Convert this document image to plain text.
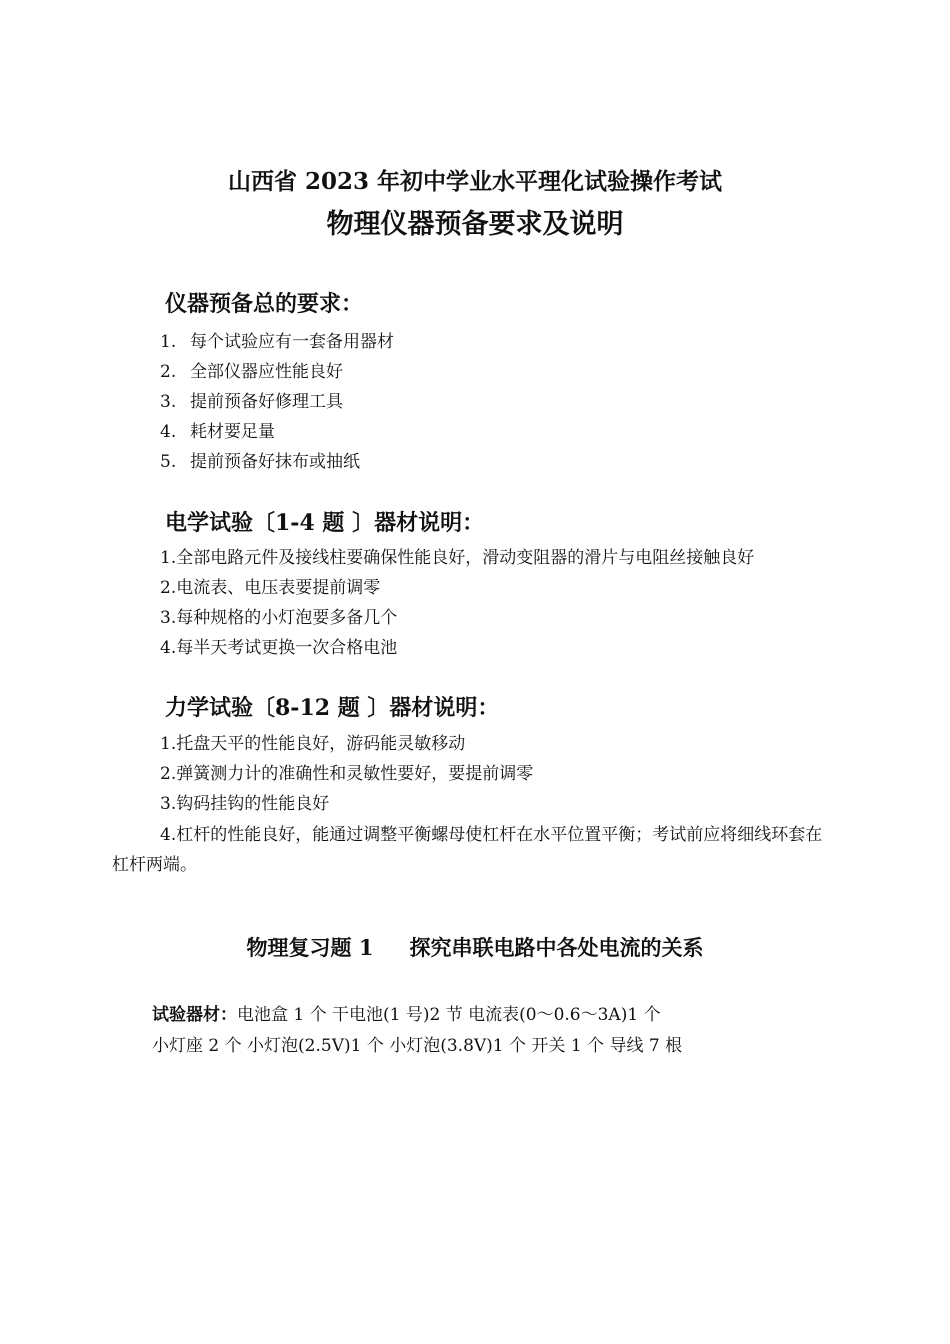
山西省 2023 年初中学业水平理化试验操作考试
物理仪器预备要求及说明
仪器预备总的要求：
1. 每个试验应有一套备用器材
2. 全部仪器应性能良好
3. 提前预备好修理工具
4. 耗材要足量
5. 提前预备好抹布或抽纸
电学试验〔1-4 题 〕器材说明：
1.全部电路元件及接线柱要确保性能良好，滑动变阻器的滑片与电阻丝接触良好
2.电流表、电压表要提前调零
3.每种规格的小灯泡要多备几个
4.每半天考试更换一次合格电池
力学试验〔8-12 题 〕器材说明：
1.托盘天平的性能良好，游码能灵敏移动
2.弹簧测力计的准确性和灵敏性要好，要提前调零
3.钩码挂钩的性能良好

4.杠杆的性能良好，能通过调整平衡螺母使杠杆在水平位置平衡；考试前应将细线环套在杠杆两端。

物理复习题 1 探究串联电路中各处电流的关系

试验器材：电池盒 1 个 干电池(1 号)2 节 电流表(0～0.6～3A)1 个

小灯座 2 个 小灯泡(2.5V)1 个 小灯泡(3.8V)1 个 开关 1 个 导线 7 根
